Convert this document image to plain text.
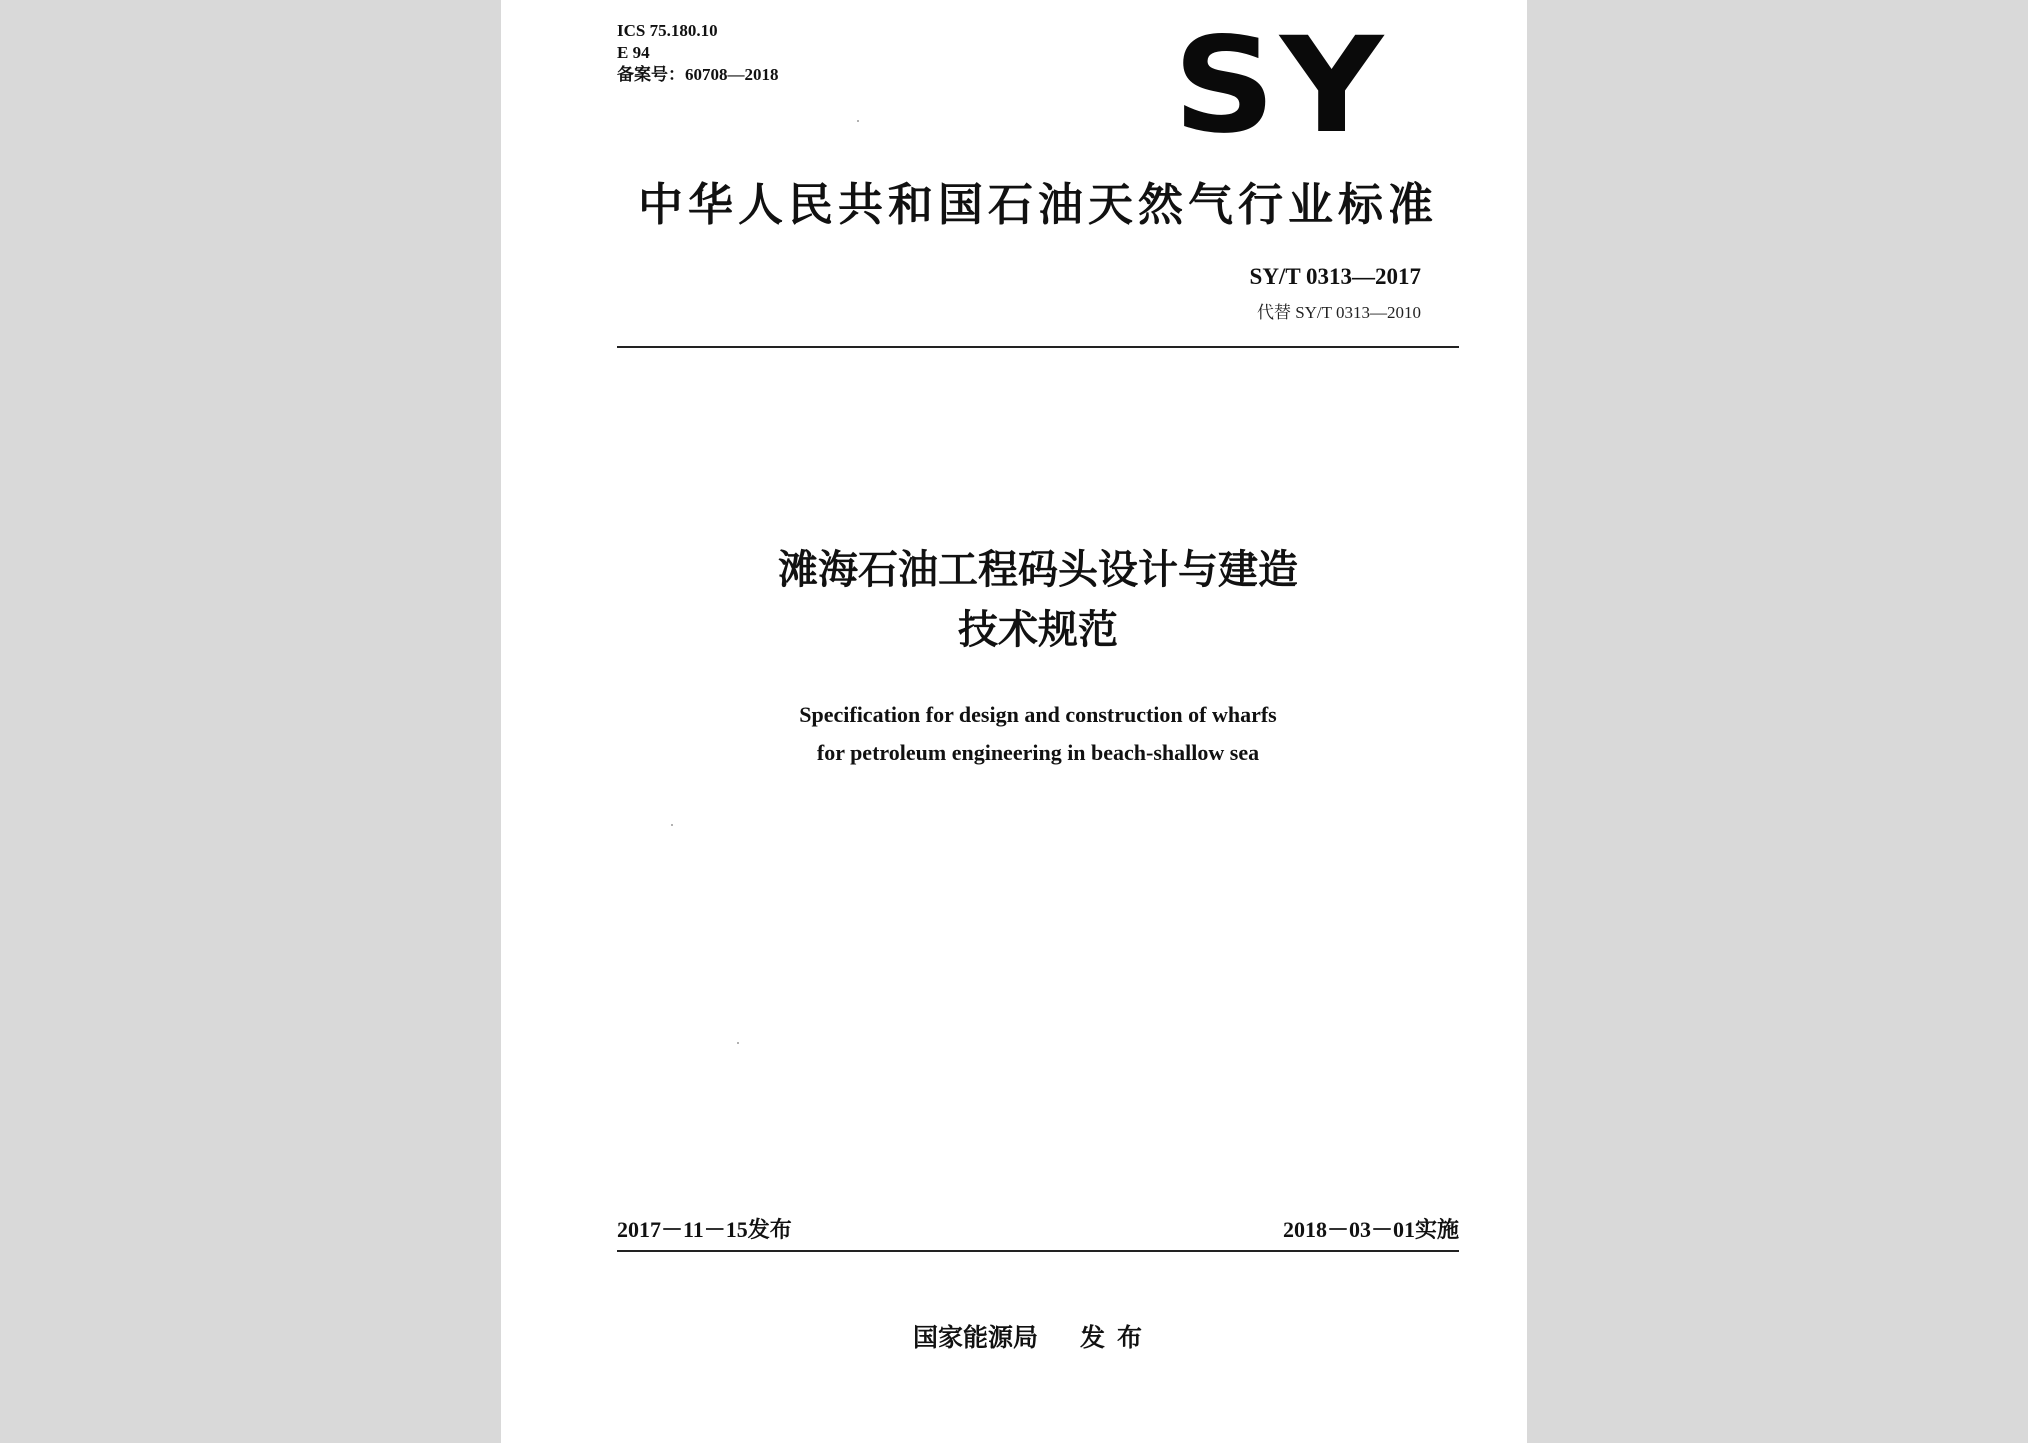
ICS 75.180.10
E 94
备案号：60708—2018	SY
中华人民共和国石油天然气行业标准
SY/T 0313—2017
代替 SY/T 0313—2010
滩海石油工程码头设计与建造
技术规范
Specification for design and construction of wharfs
for petroleum engineering in beach-shallow sea
2017－11－15发布	2018－03－01实施
国家能源局 发布
